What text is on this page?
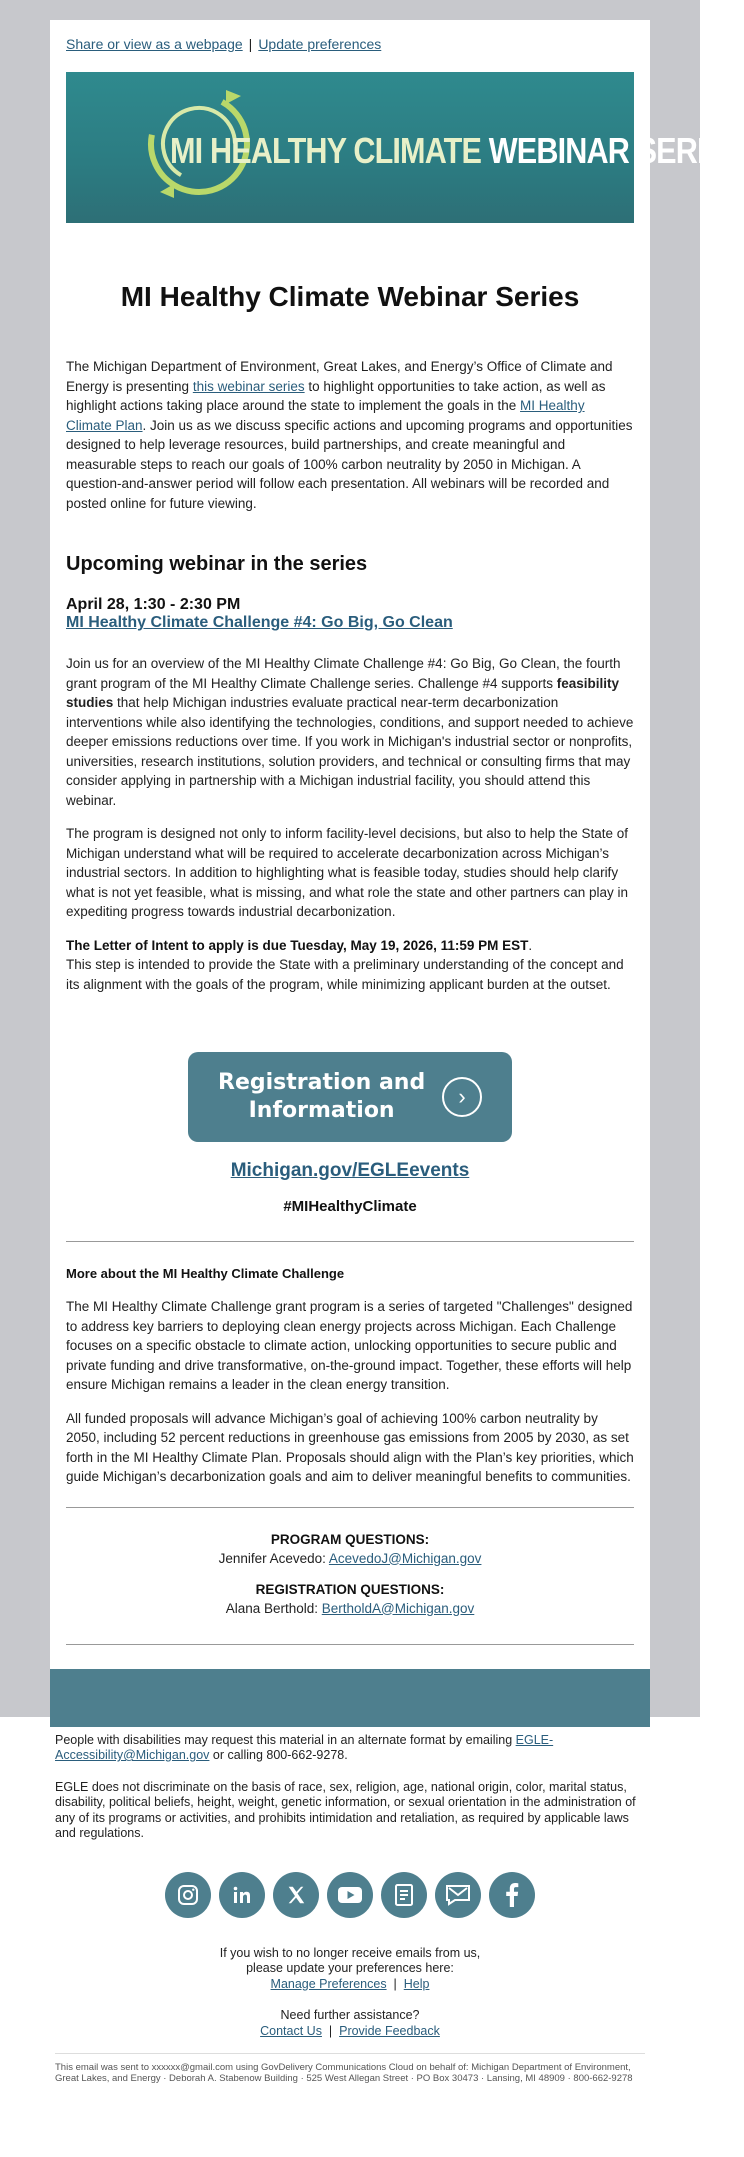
Share or view as a webpage | Update preferences
MI HEALTHY CLIMATE WEBINAR SERIES
MI Healthy Climate Webinar Series

The Michigan Department of Environment, Great Lakes, and Energy’s Office of Climate and Energy is presenting this webinar series to highlight opportunities to take action, as well as highlight actions taking place around the state to implement the goals in the MI Healthy Climate Plan. Join us as we discuss specific actions and upcoming programs and opportunities designed to help leverage resources, build partnerships, and create meaningful and measurable steps to reach our goals of 100% carbon neutrality by 2050 in Michigan. A question-and-answer period will follow each presentation. All webinars will be recorded and posted online for future viewing.

Upcoming webinar in the series
April 28, 1:30 - 2:30 PM
MI Healthy Climate Challenge #4: Go Big, Go Clean

Join us for an overview of the MI Healthy Climate Challenge #4: Go Big, Go Clean, the fourth grant program of the MI Healthy Climate Challenge series. Challenge #4 supports feasibility studies that help Michigan industries evaluate practical near-term decarbonization interventions while also identifying the technologies, conditions, and support needed to achieve deeper emissions reductions over time. If you work in Michigan's industrial sector or nonprofits, universities, research institutions, solution providers, and technical or consulting firms that may consider applying in partnership with a Michigan industrial facility, you should attend this webinar.

The program is designed not only to inform facility-level decisions, but also to help the State of Michigan understand what will be required to accelerate decarbonization across Michigan’s industrial sectors. In addition to highlighting what is feasible today, studies should help clarify what is not yet feasible, what is missing, and what role the state and other partners can play in expediting progress towards industrial decarbonization.

The Letter of Intent to apply is due Tuesday, May 19, 2026, 11:59 PM EST.
This step is intended to provide the State with a preliminary understanding of the concept and its alignment with the goals of the program, while minimizing applicant burden at the outset.

Registration and
Information
›
Michigan.gov/EGLEevents
#MIHealthyClimate
More about the MI Healthy Climate Challenge

The MI Healthy Climate Challenge grant program is a series of targeted "Challenges" designed to address key barriers to deploying clean energy projects across Michigan. Each Challenge focuses on a specific obstacle to climate action, unlocking opportunities to secure public and private funding and drive transformative, on-the-ground impact. Together, these efforts will help ensure Michigan remains a leader in the clean energy transition.

All funded proposals will advance Michigan’s goal of achieving 100% carbon neutrality by 2050, including 52 percent reductions in greenhouse gas emissions from 2005 by 2030, as set forth in the MI Healthy Climate Plan. Proposals should align with the Plan’s key priorities, which guide Michigan’s decarbonization goals and aim to deliver meaningful benefits to communities.

PROGRAM QUESTIONS:
Jennifer Acevedo: AcevedoJ@Michigan.gov
REGISTRATION QUESTIONS:
Alana Berthold: BertholdA@Michigan.gov

People with disabilities may request this material in an alternate format by emailing EGLE-Accessibility@Michigan.gov or calling 800-662-9278.

EGLE does not discriminate on the basis of race, sex, religion, age, national origin, color, marital status, disability, political beliefs, height, weight, genetic information, or sexual orientation in the administration of any of its programs or activities, and prohibits intimidation and retaliation, as required by applicable laws and regulations.

If you wish to no longer receive emails from us,
please update your preferences here:
Manage Preferences | Help
Need further assistance?
Contact Us | Provide Feedback
This email was sent to xxxxxx@gmail.com using GovDelivery Communications Cloud on behalf of: Michigan Department of Environment, Great Lakes, and Energy · Deborah A. Stabenow Building · 525 West Allegan Street · PO Box 30473 · Lansing, MI 48909 · 800-662-9278
